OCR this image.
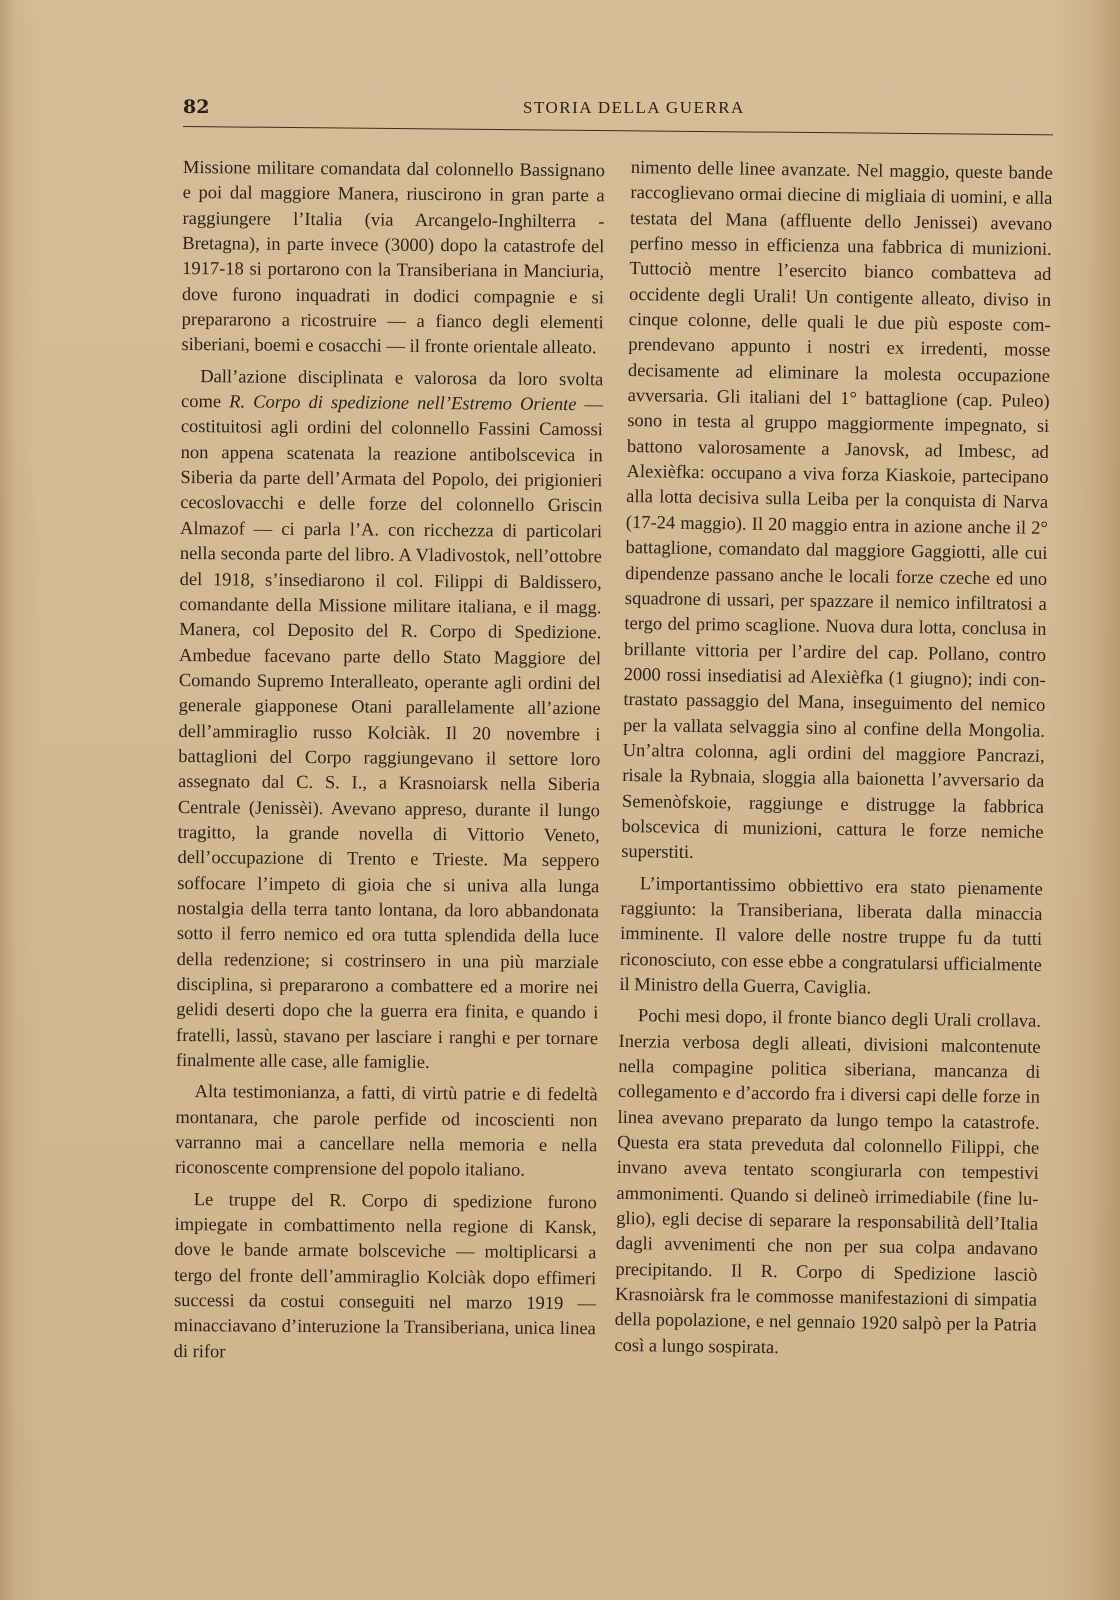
82	STORIA DELLA GUERRA

Missione militare comandata dal colonnello Bassignano e poi dal maggiore Manera, riuscirono in gran parte a raggiungere l’Italia (via Arcangelo-Inghilterra - Bretagna), in parte invece (3000) dopo la catastrofe del 1917-18 si portarono con la Transiberiana in Manciuria, dove furono inquadrati in dodici compagnie e si prepararono a ricostruire — a fianco degli elementi siberiani, boemi e cosacchi — il fronte orientale alleato.

Dall’azione disciplinata e valorosa da loro svolta come R. Corpo di spedizione nell’Estremo Oriente — costituitosi agli ordini del colonnello Fassini Camossi non appena scatenata la reazione antibolscevica in Siberia da parte dell’Armata del Popolo, dei prigionieri cecoslovacchi e delle forze del colonnello Griscin Almazof — ci parla l’A. con ricchezza di particolari nella seconda parte del libro. A Vladivostok, nell’ottobre del 1918, s’insediarono il col. Filippi di Baldissero, comandante della Missione militare italiana, e il magg. Manera, col Deposito del R. Corpo di Spedizione. Ambedue facevano parte dello Stato Maggiore del Comando Supremo Interalleato, operante agli ordini del generale giapponese Otani parallelamente all’azione dell’ammiraglio russo Kolciàk. Il 20 novembre i battaglioni del Corpo raggiungevano il settore loro assegnato dal C. S. I., a Krasnoiarsk nella Siberia Centrale (Jenissèi). Avevano appreso, durante il lungo tragitto, la grande novella di Vittorio Veneto, dell’occupazione di Trento e Trieste. Ma seppero soffocare l’impeto di gioia che si univa alla lunga nostalgia della terra tanto lontana, da loro abbandonata sotto il ferro nemico ed ora tutta splendida della luce della redenzione; si costrinsero in una più marziale disciplina, si prepararono a combattere ed a morire nei gelidi deserti dopo che la guerra era finita, e quando i fratelli, lassù, stavano per lasciare i ranghi e per tornare finalmente alle case, alle famiglie.

Alta testimonianza, a fatti, di virtù patrie e di fedeltà montanara, che parole perfide od incoscienti non varranno mai a cancellare nella memoria e nella riconoscente comprensione del popolo italiano.

Le truppe del R. Corpo di spedizione furono impiegate in combattimento nella regione di Kansk, dove le bande armate bolsceviche — moltiplicarsi a tergo del fronte dell’ammiraglio Kolciàk dopo effimeri successi da costui conseguiti nel marzo 1919 — minacciavano d’interuzione la Transiberiana, unica linea di rifor

nimento delle linee avanzate. Nel maggio, queste bande raccoglievano ormai diecine di migliaia di uomini, e alla testata del Mana (affluente dello Jenissei) avevano perfino messo in efficienza una fabbrica di munizioni. Tuttociò mentre l’esercito bianco combatteva ad occidente degli Urali! Un contigente alleato, diviso in cinque colonne, delle quali le due più esposte comprendevano appunto i nostri ex irredenti, mosse decisamente ad eliminare la molesta occupazione avversaria. Gli italiani del 1° battaglione (cap. Puleo) sono in testa al gruppo maggiormente impegnato, si battono valorosamente a Janovsk, ad Imbesc, ad Alexièfka: occupano a viva forza Kiaskoie, partecipano alla lotta decisiva sulla Leiba per la conquista di Narva (17-24 maggio). Il 20 maggio entra in azione anche il 2° battaglione, comandato dal maggiore Gaggiotti, alle cui dipendenze passano anche le locali forze czeche ed uno squadrone di ussari, per spazzare il nemico infiltratosi a tergo del primo scaglione. Nuova dura lotta, conclusa in brillante vittoria per l’ardire del cap. Pollano, contro 2000 rossi insediatisi ad Alexièfka (1 giugno); indi contrastato passaggio del Mana, inseguimento del nemico per la vallata selvaggia sino al confine della Mongolia. Un’altra colonna, agli ordini del maggiore Pancrazi, risale la Rybnaia, sloggia alla baionetta l’avversario da Semenòfskoie, raggiunge e distrugge la fabbrica bolscevica di munizioni, cattura le forze nemiche superstiti.

L’importantissimo obbiettivo era stato pienamente raggiunto: la Transiberiana, liberata dalla minaccia imminente. Il valore delle nostre truppe fu da tutti riconosciuto, con esse ebbe a congratularsi ufficialmente il Ministro della Guerra, Caviglia.

Pochi mesi dopo, il fronte bianco degli Urali crollava. Inerzia verbosa degli alleati, divisioni malcontenute nella compagine politica siberiana, mancanza di collegamento e d’accordo fra i diversi capi delle forze in linea avevano preparato da lungo tempo la catastrofe. Questa era stata preveduta dal colonnello Filippi, che invano aveva tentato scongiurarla con tempestivi ammonimenti. Quando si delineò irrimediabile (fine luglio), egli decise di separare la responsabilità dell’Italia dagli avvenimenti che non per sua colpa andavano precipitando. Il R. Corpo di Spedizione lasciò Krasnoiàrsk fra le commosse manifestazioni di simpatia della popolazione, e nel gennaio 1920 salpò per la Patria così a lungo sospirata.
